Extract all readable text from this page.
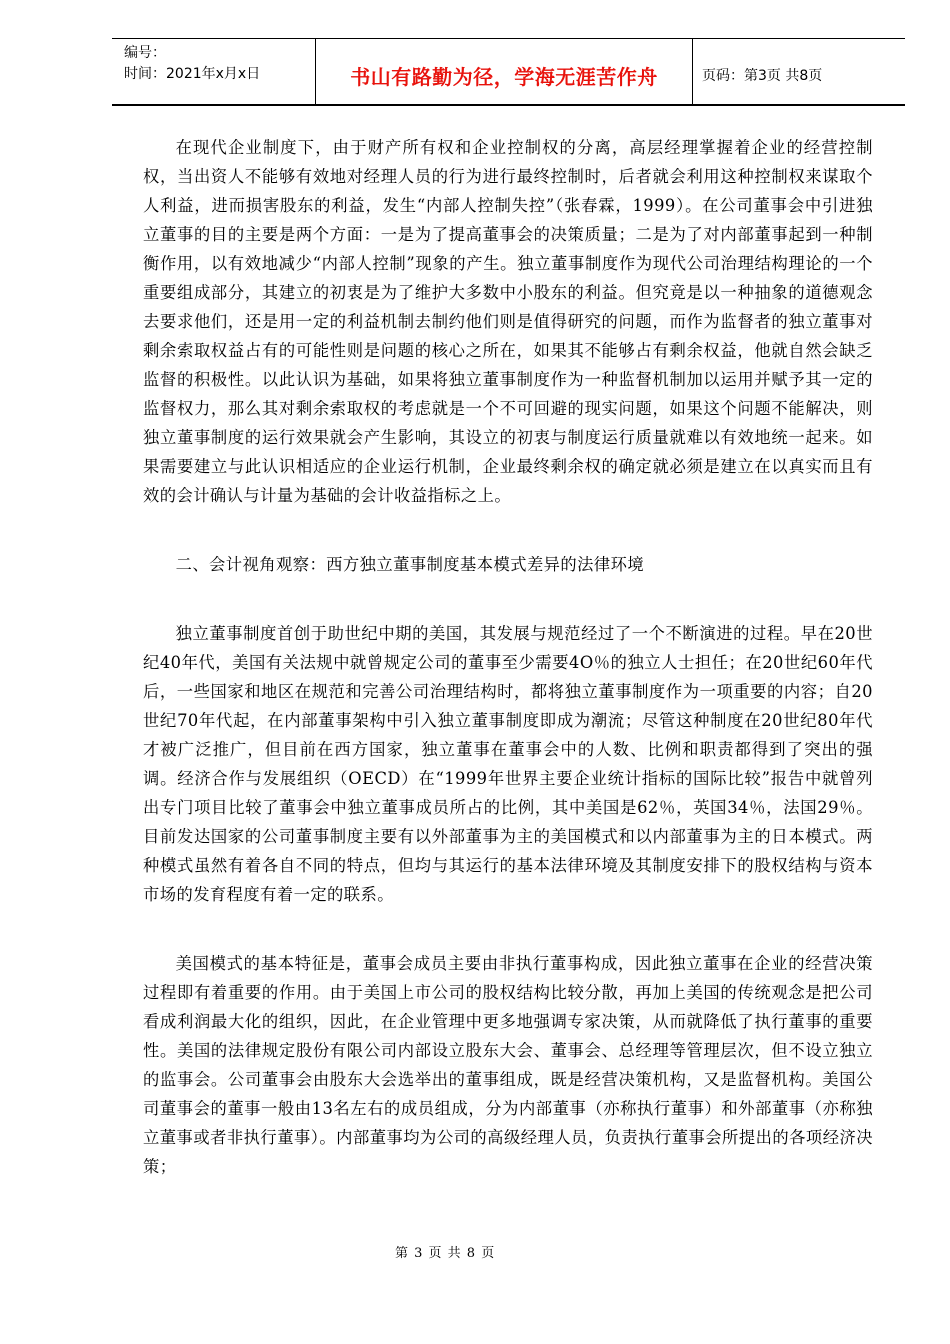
编号：
时间：2021年x月x日	书山有路勤为径，学海无涯苦作舟	页码：第3页 共8页

在现代企业制度下，由于财产所有权和企业控制权的分离，高层经理掌握着企业的经营控制权，当出资人不能够有效地对经理人员的行为进行最终控制时，后者就会利用这种控制权来谋取个人利益，进而损害股东的利益，发生“内部人控制失控”（张春霖，1999）。在公司董事会中引进独立董事的目的主要是两个方面：一是为了提高董事会的决策质量；二是为了对内部董事起到一种制衡作用，以有效地减少“内部人控制”现象的产生。独立董事制度作为现代公司治理结构理论的一个重要组成部分，其建立的初衷是为了维护大多数中小股东的利益。但究竟是以一种抽象的道德观念去要求他们，还是用一定的利益机制去制约他们则是值得研究的问题，而作为监督者的独立董事对剩余索取权益占有的可能性则是问题的核心之所在，如果其不能够占有剩余权益，他就自然会缺乏监督的积极性。以此认识为基础，如果将独立董事制度作为一种监督机制加以运用并赋予其一定的监督权力，那么其对剩余索取权的考虑就是一个不可回避的现实问题，如果这个问题不能解决，则独立董事制度的运行效果就会产生影响，其设立的初衷与制度运行质量就难以有效地统一起来。如果需要建立与此认识相适应的企业运行机制，企业最终剩余权的确定就必须是建立在以真实而且有效的会计确认与计量为基础的会计收益指标之上。

二、会计视角观察：西方独立董事制度基本模式差异的法律环境

独立董事制度首创于助世纪中期的美国，其发展与规范经过了一个不断演进的过程。早在20世纪40年代，美国有关法规中就曾规定公司的董事至少需要4O％的独立人士担任；在20世纪60年代后，一些国家和地区在规范和完善公司治理结构时，都将独立董事制度作为一项重要的内容；自20世纪70年代起，在内部董事架构中引入独立董事制度即成为潮流；尽管这种制度在20世纪80年代才被广泛推广，但目前在西方国家，独立董事在董事会中的人数、比例和职责都得到了突出的强调。经济合作与发展组织（OECD）在“1999年世界主要企业统计指标的国际比较”报告中就曾列出专门项目比较了董事会中独立董事成员所占的比例，其中美国是62％，英国34％，法国29％。目前发达国家的公司董事制度主要有以外部董事为主的美国模式和以内部董事为主的日本模式。两种模式虽然有着各自不同的特点，但均与其运行的基本法律环境及其制度安排下的股权结构与资本市场的发育程度有着一定的联系。

美国模式的基本特征是，董事会成员主要由非执行董事构成，因此独立董事在企业的经营决策过程即有着重要的作用。由于美国上市公司的股权结构比较分散，再加上美国的传统观念是把公司看成利润最大化的组织，因此，在企业管理中更多地强调专家决策，从而就降低了执行董事的重要性。美国的法律规定股份有限公司内部设立股东大会、董事会、总经理等管理层次，但不设立独立的监事会。公司董事会由股东大会选举出的董事组成，既是经营决策机构，又是监督机构。美国公司董事会的董事一般由13名左右的成员组成，分为内部董事（亦称执行董事）和外部董事（亦称独立董事或者非执行董事）。内部董事均为公司的高级经理人员，负责执行董事会所提出的各项经济决策；

第 3 页 共 8 页
